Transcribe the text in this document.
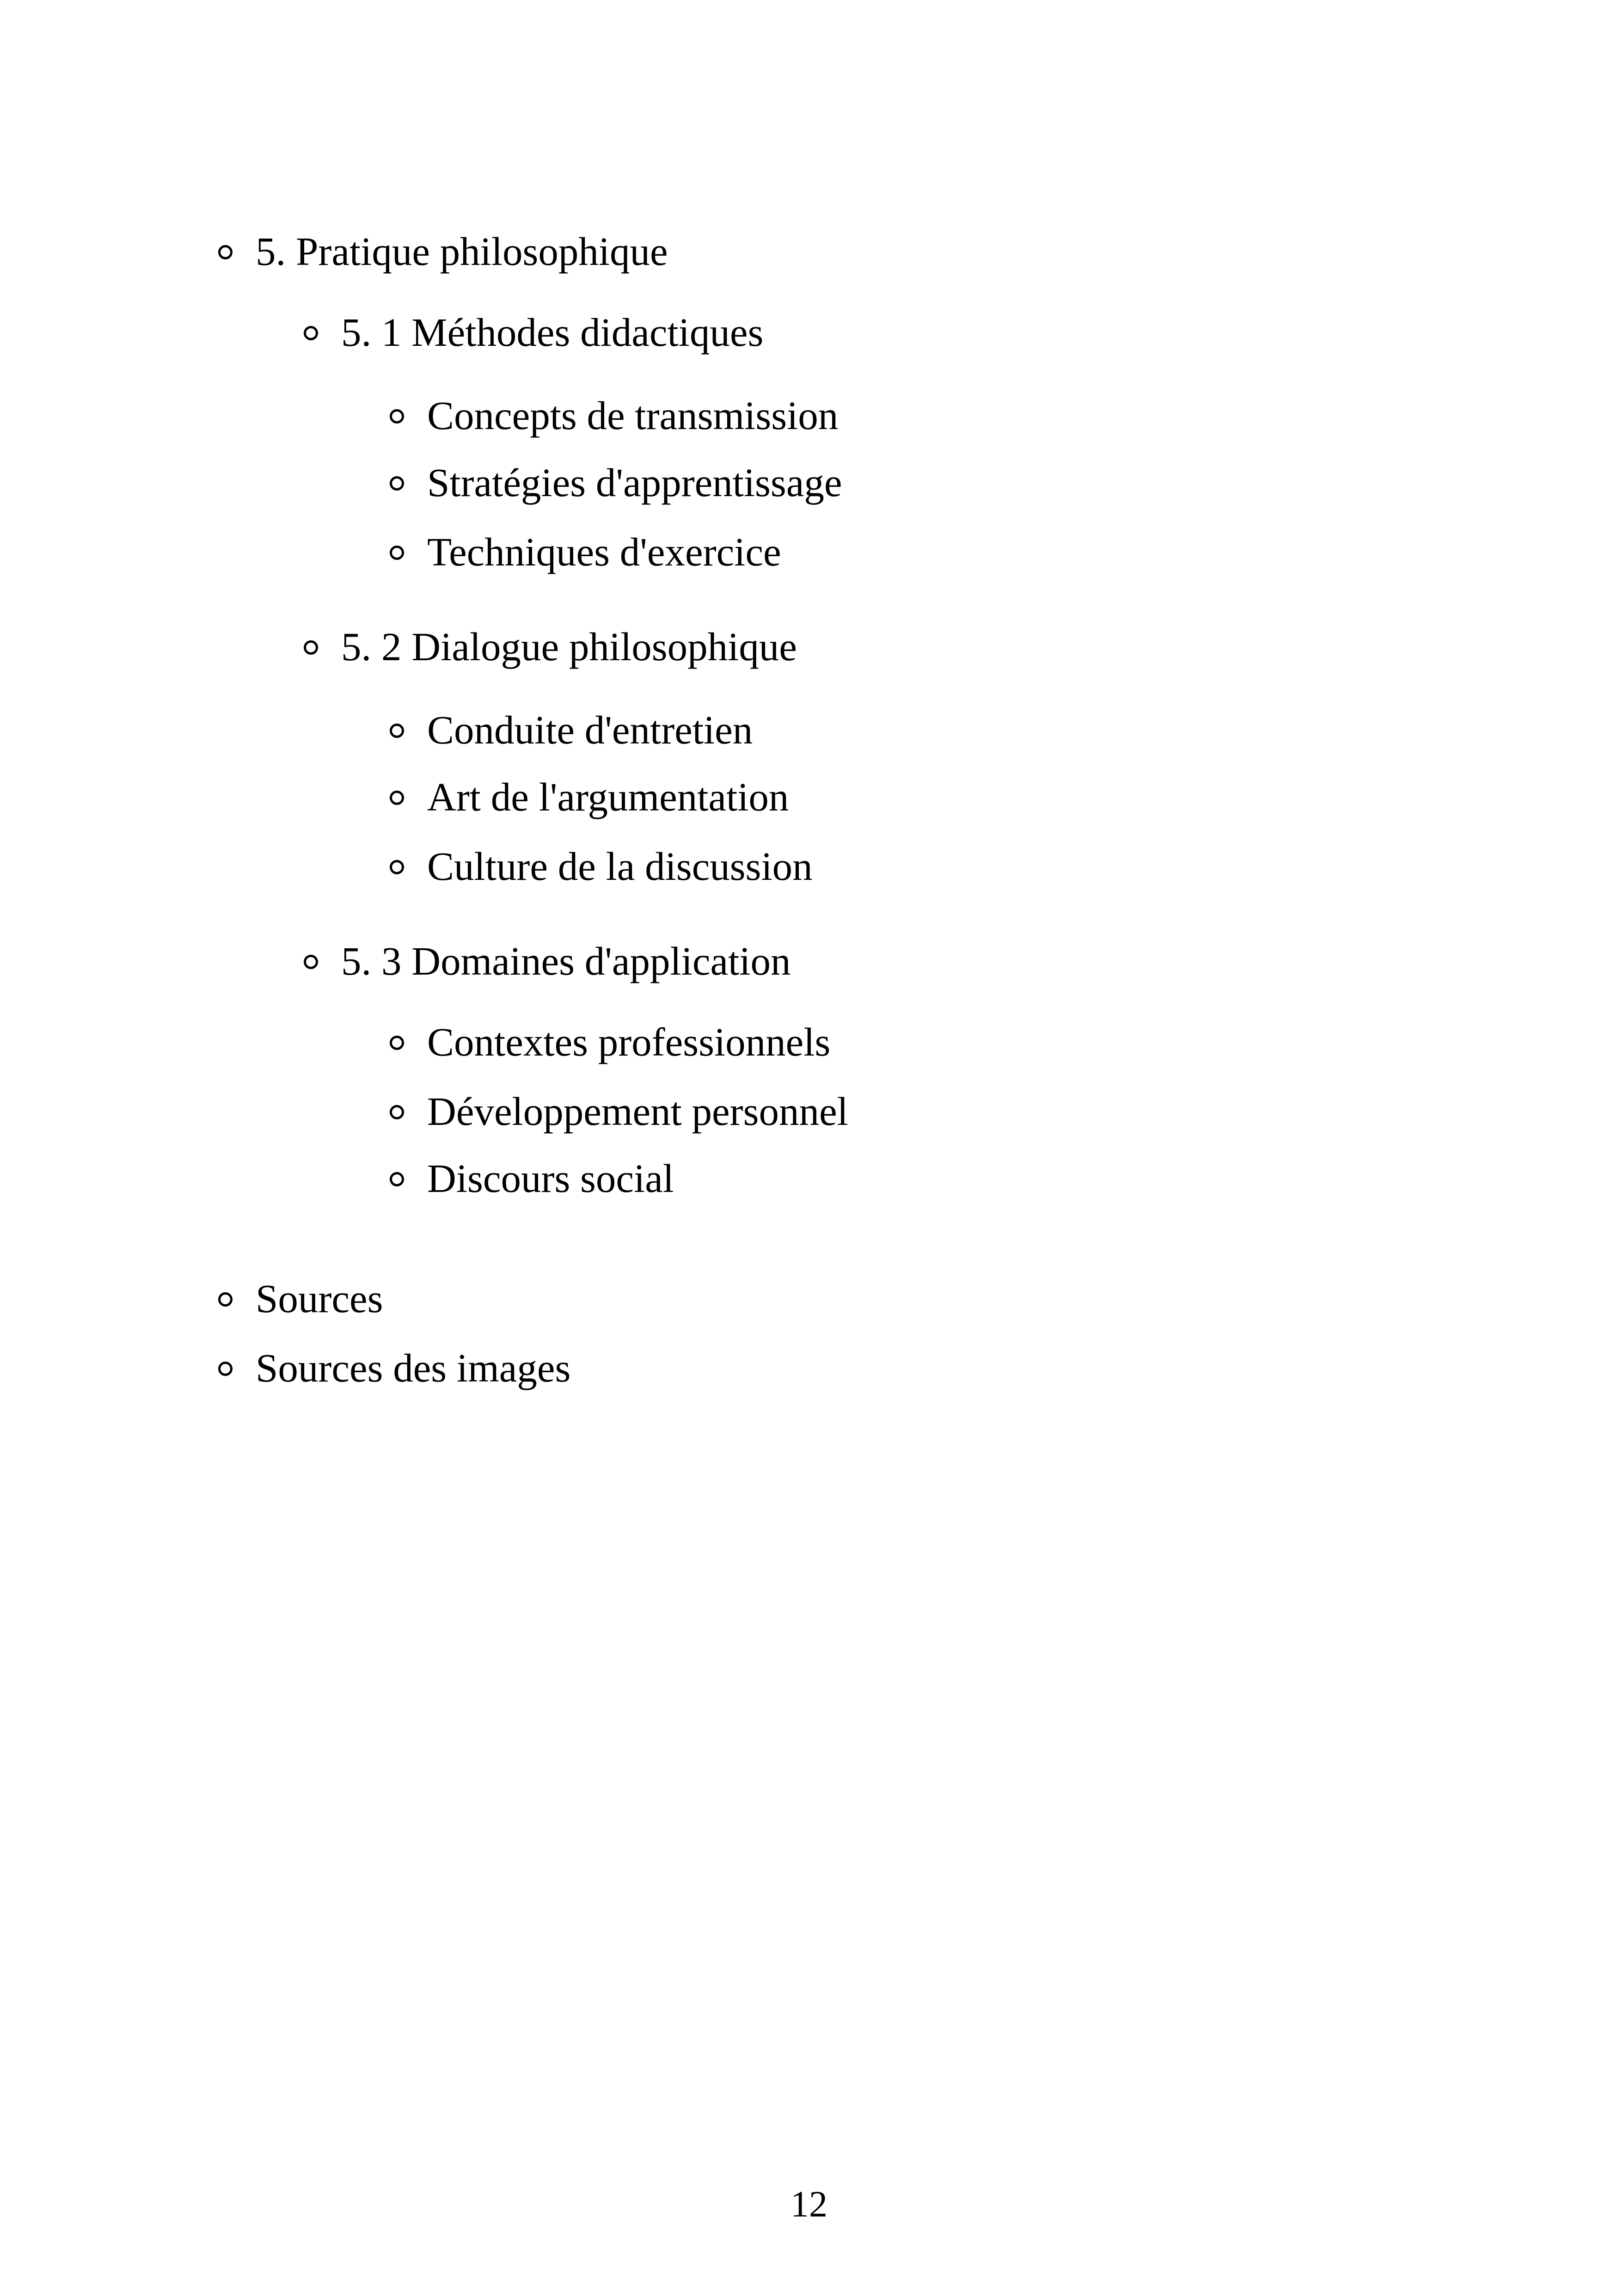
5. Pratique philosophique
5. 1 Méthodes didactiques
Concepts de transmission
Stratégies d'apprentissage
Techniques d'exercice
5. 2 Dialogue philosophique
Conduite d'entretien
Art de l'argumentation
Culture de la discussion
5. 3 Domaines d'application
Contextes professionnels
Développement personnel
Discours social
Sources
Sources des images
12
